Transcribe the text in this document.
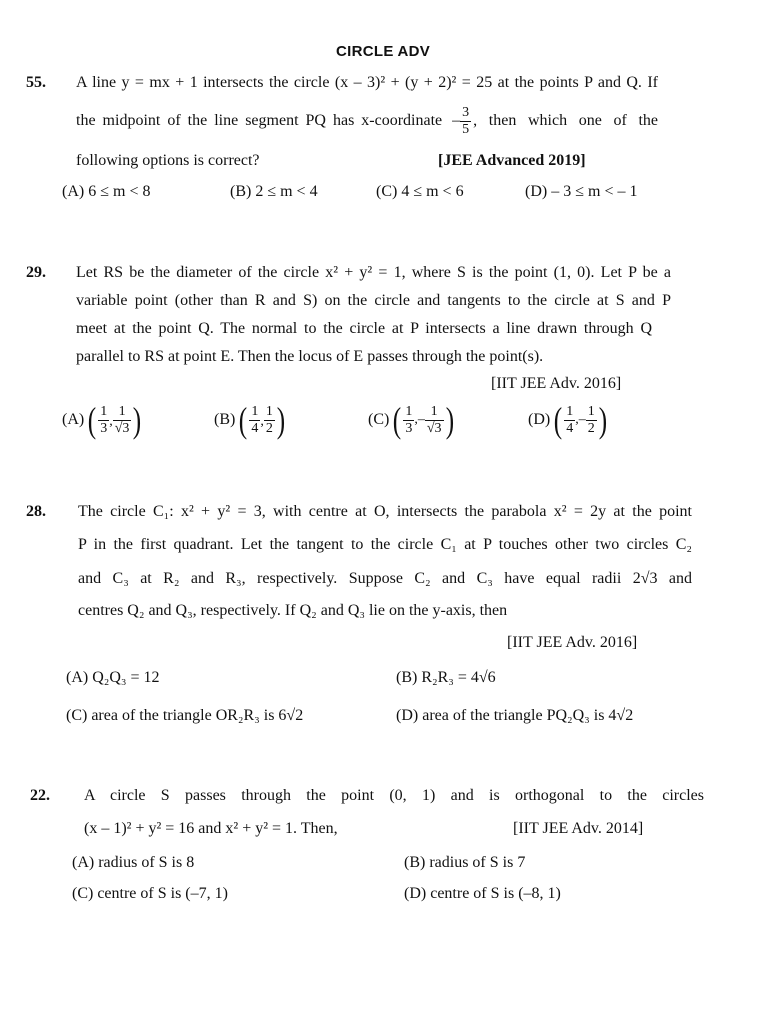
CIRCLE ADV
55. A line y = mx + 1 intersects the circle (x – 3)² + (y + 2)² = 25 at the points P and Q. If
the midpoint of the line segment PQ has x-coordinate – $\frac{3}{5}$ , then which one of the
following options is correct?	[JEE Advanced 2019]
(A) 6 ≤ m < 8	(B) 2 ≤ m < 4	(C) 4 ≤ m < 6	(D) – 3 ≤ m < – 1
29. Let RS be the diameter of the circle x² + y² = 1, where S is the point (1, 0). Let P be a
variable point (other than R and S) on the circle and tangents to the circle at S and P
meet at the point Q. The normal to the circle at P intersects a line drawn through Q
parallel to RS at point E. Then the locus of E passes through the point(s).
[IIT JEE Adv. 2016]
(A) ( $\frac{1}{3}$ , $\frac{1}{√3}$ )	(B) ( $\frac{1}{4}$ , $\frac{1}{2}$ )	(C) ( $\frac{1}{3}$ ,– $\frac{1}{√3}$ )	(D) ( $\frac{1}{4}$ ,– $\frac{1}{2}$ )
28. The circle C₁: x² + y² = 3, with centre at O, intersects the parabola x² = 2y at the point
P in the first quadrant. Let the tangent to the circle C₁ at P touches other two circles C₂
and C₃ at R₂ and R₃, respectively. Suppose C₂ and C₃ have equal radii 2√3 and
centres Q₂ and Q₃, respectively. If Q₂ and Q₃ lie on the y-axis, then
[IIT JEE Adv. 2016]
(A) Q₂Q₃ = 12	(B) R₂R₃ = 4√6
(C) area of the triangle OR₂R₃ is 6√2	(D) area of the triangle PQ₂Q₃ is 4√2
22. A circle S passes through the point (0, 1) and is orthogonal to the circles
(x – 1)² + y² = 16 and x² + y² = 1. Then,	[IIT JEE Adv. 2014]
(A) radius of S is 8	(B) radius of S is 7
(C) centre of S is (–7, 1)	(D) centre of S is (–8, 1)
